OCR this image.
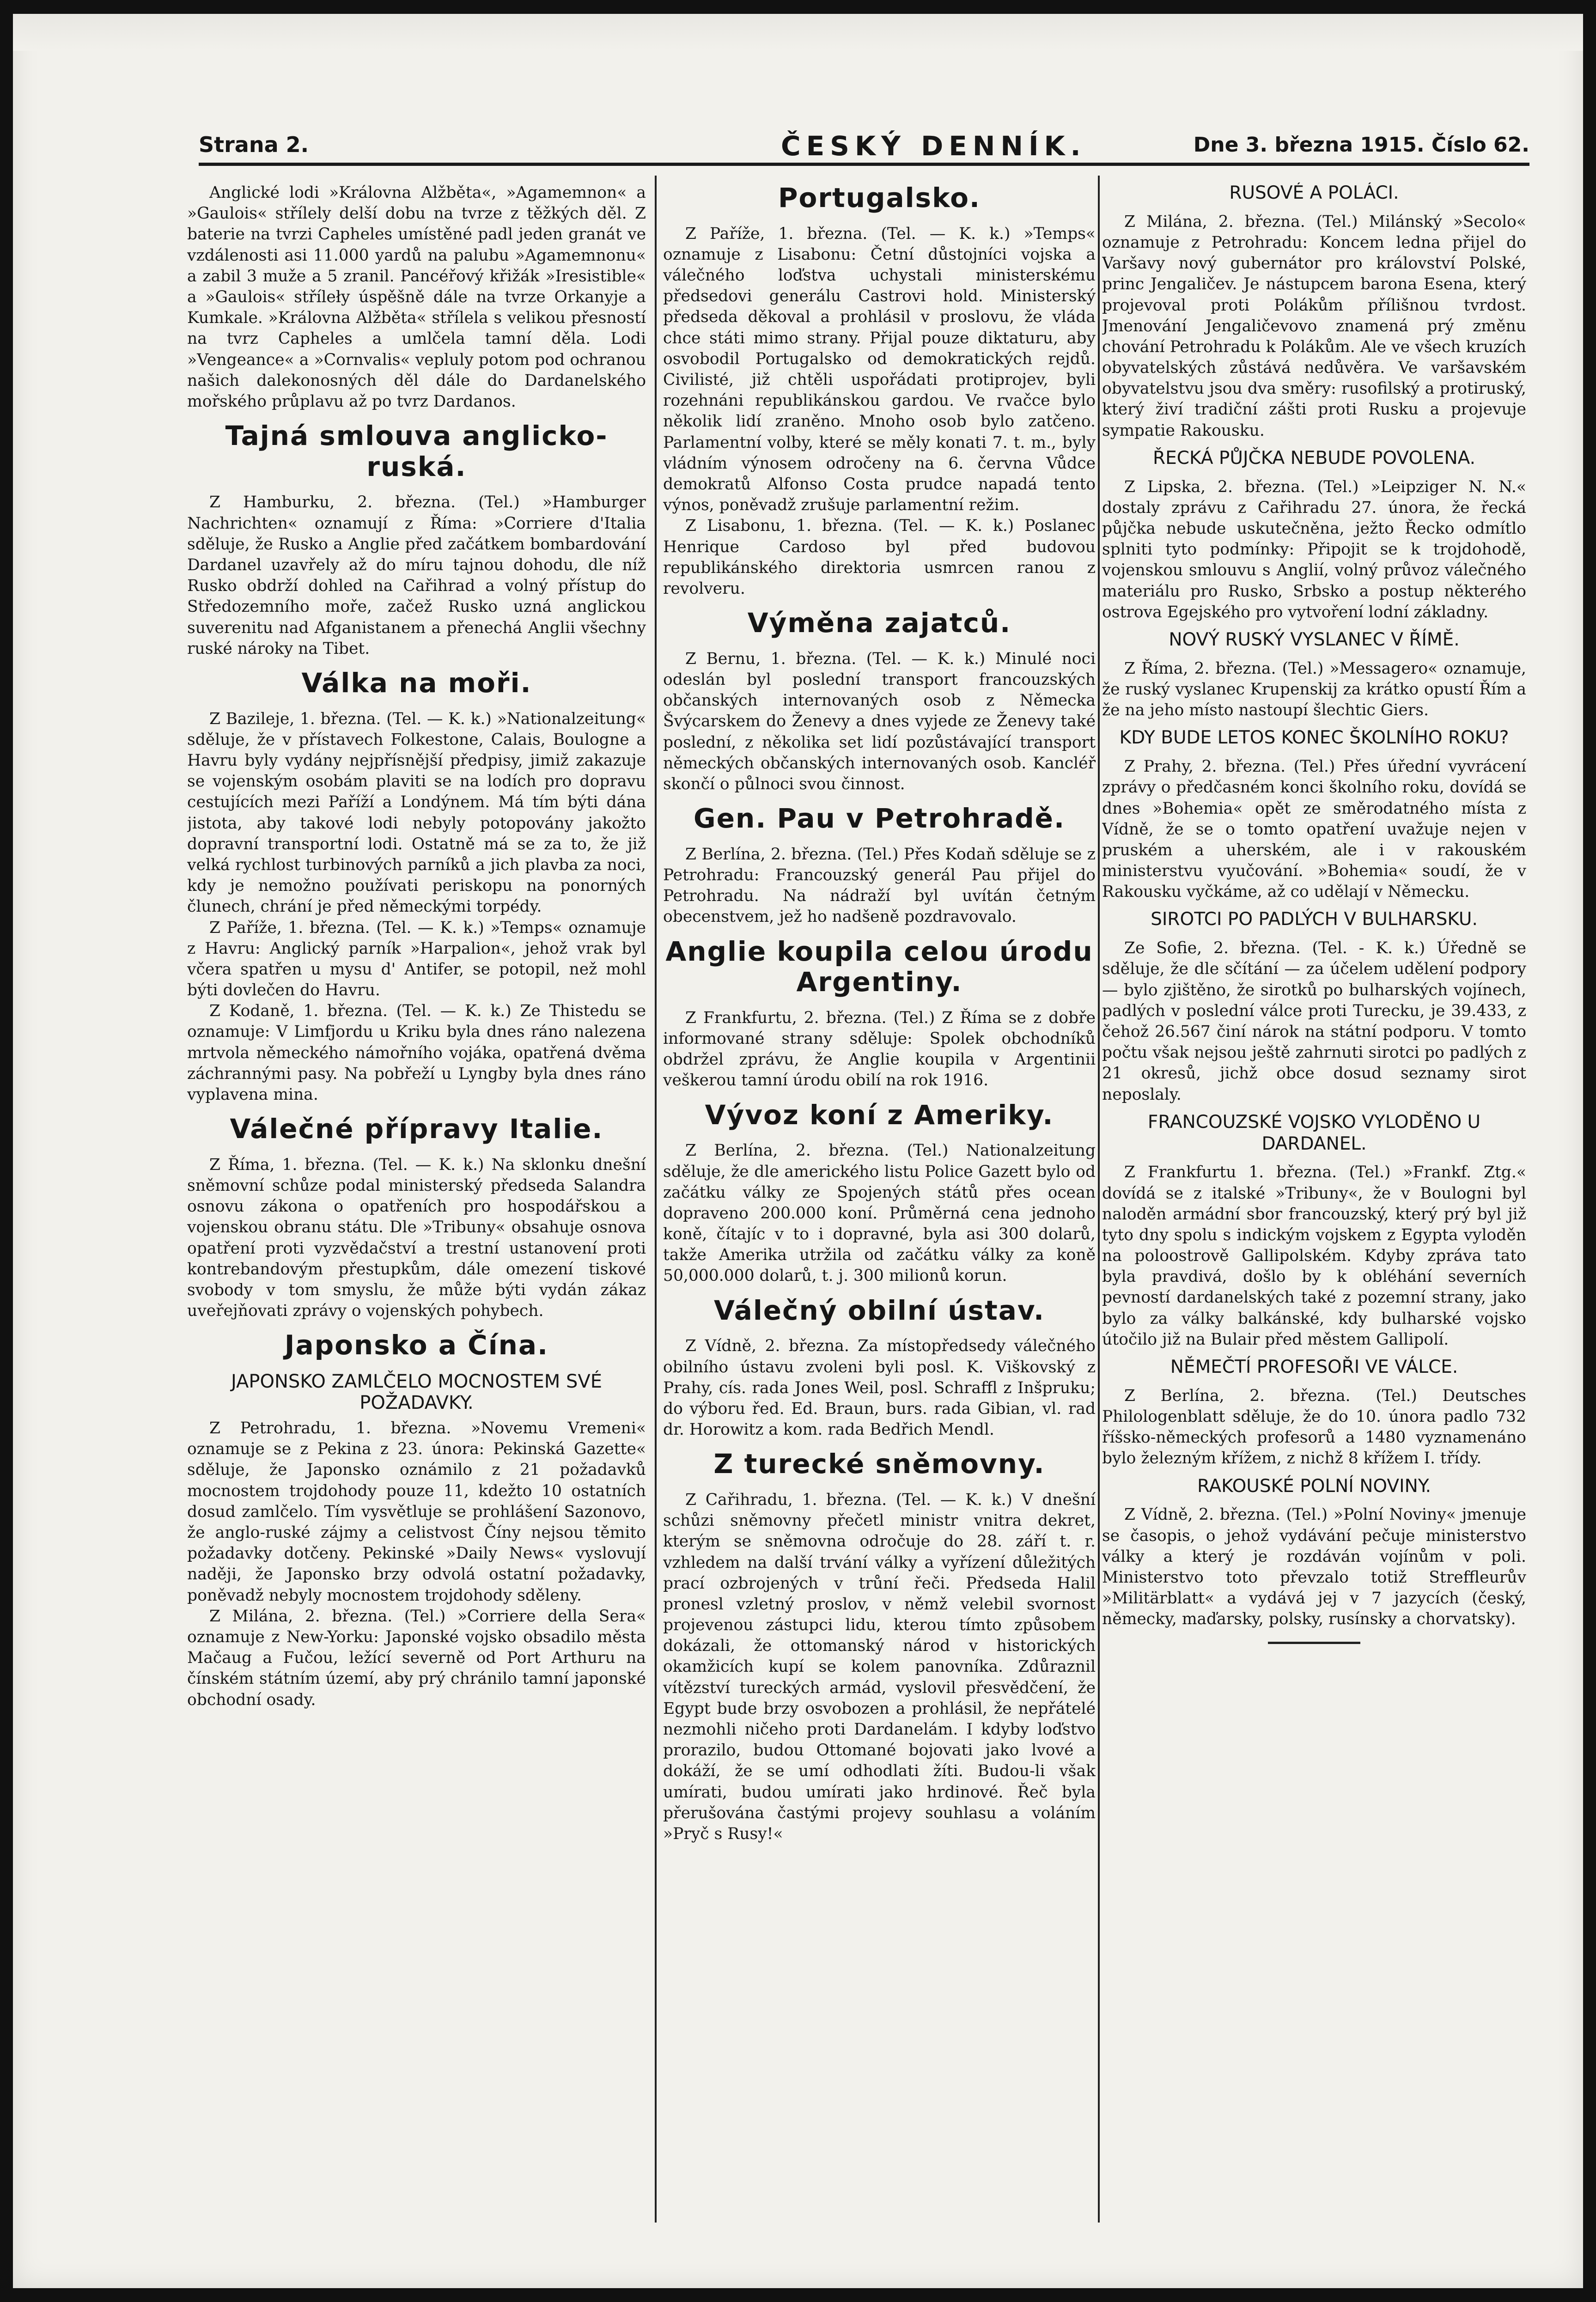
Strana 2.	ČESKÝ DENNÍK.	Dne 3. března 1915. Číslo 62.

Anglické lodi »Královna Alžběta«, »Agamemnon« a »Gaulois« střílely delší dobu na tvrze z těžkých děl. Z baterie na tvrzi Capheles umístěné padl jeden granát ve vzdálenosti asi 11.000 yardů na palubu »Agamemnonu« a zabil 3 muže a 5 zranil. Pancéřový křižák »Iresistible« a »Gaulois« stříleły úspěšně dále na tvrze Orkanyje a Kumkale. »Královna Alžběta« střílela s velikou přesností na tvrz Capheles a umlčela tamní děla. Lodi »Vengeance« a »Cornvalis« vepluly potom pod ochranou našich dalekonosných děl dále do Dardanelského mořského průplavu až po tvrz Dardanos.

Tajná smlouva anglicko-ruská.

Z Hamburku, 2. března. (Tel.) »Hamburger Nachrichten« oznamují z Říma: »Corriere d'Italia sděluje, že Rusko a Anglie před začátkem bombardování Dardanel uzavřely až do míru tajnou dohodu, dle níž Rusko obdrží dohled na Cařihrad a volný přístup do Středozemního moře, začež Rusko uzná anglickou suverenitu nad Afganistanem a přenechá Anglii všechny ruské nároky na Tibet.

Válka na moři.

Z Bazileje, 1. března. (Tel. — K. k.) »Nationalzeitung« sděluje, že v přístavech Folkestone, Calais, Boulogne a Havru byly vydány nejpřísnější předpisy, jimiž zakazuje se vojenským osobám plaviti se na lodích pro dopravu cestujících mezi Paříží a Londýnem. Má tím býti dána jistota, aby takové lodi nebyly potopovány jakožto dopravní transportní lodi. Ostatně má se za to, že již velká rychlost turbinových parníků a jich plavba za noci, kdy je nemožno používati periskopu na ponorných člunech, chrání je před německými torpédy.

Z Paříže, 1. března. (Tel. — K. k.) »Temps« oznamuje z Havru: Anglický parník »Harpalion«, jehož vrak byl včera spatřen u mysu d' Antifer, se potopil, než mohl býti dovlečen do Havru.

Z Kodaně, 1. března. (Tel. — K. k.) Ze Thistedu se oznamuje: V Limfjordu u Kriku byla dnes ráno nalezena mrtvola německého námořního vojáka, opatřená dvěma záchrannými pasy. Na pobřeží u Lyngby byla dnes ráno vyplavena mina.

Válečné přípravy Italie.

Z Říma, 1. března. (Tel. — K. k.) Na sklonku dnešní sněmovní schůze podal ministerský předseda Salandra osnovu zákona o opatřeních pro hospodářskou a vojenskou obranu státu. Dle »Tribuny« obsahuje osnova opatření proti vyzvědačství a trestní ustanovení proti kontrebandovým přestupkům, dále omezení tiskové svobody v tom smyslu, že může býti vydán zákaz uveřejňovati zprávy o vojenských pohybech.

Japonsko a Čína.
JAPONSKO ZAMLČELO MOCNOSTEM SVÉ POŽADAVKY.

Z Petrohradu, 1. března. »Novemu Vremeni« oznamuje se z Pekina z 23. února: Pekinská Gazette« sděluje, že Japonsko oznámilo z 21 požadavků mocnostem trojdohody pouze 11, kdežto 10 ostatních dosud zamlčelo. Tím vysvětluje se prohlášení Sazonovo, že anglo-ruské zájmy a celistvost Číny nejsou těmito požadavky dotčeny. Pekinské »Daily News« vyslovují naději, že Japonsko brzy odvolá ostatní požadavky, poněvadž nebyly mocnostem trojdohody sděleny.

Z Milána, 2. března. (Tel.) »Corriere della Sera« oznamuje z New-Yorku: Japonské vojsko obsadilo města Mačaug a Fučou, ležící severně od Port Arthuru na čínském státním území, aby prý chránilo tamní japonské obchodní osady.

Portugalsko.

Z Paříže, 1. března. (Tel. — K. k.) »Temps« oznamuje z Lisabonu: Četní důstojníci vojska a válečného loďstva uchystali ministerskému předsedovi generálu Castrovi hold. Ministerský předseda děkoval a prohlásil v proslovu, že vláda chce státi mimo strany. Přijal pouze diktaturu, aby osvobodil Portugalsko od demokratických rejdů. Civilisté, již chtěli uspořádati protiprojev, byli rozehnáni republikánskou gardou. Ve rvačce bylo několik lidí zraněno. Mnoho osob bylo zatčeno. Parlamentní volby, které se měly konati 7. t. m., byly vládním výnosem odročeny na 6. června Vůdce demokratů Alfonso Costa prudce napadá tento výnos, poněvadž zrušuje parlamentní režim.

Z Lisabonu, 1. března. (Tel. — K. k.) Poslanec Henrique Cardoso byl před budovou republikánského direktoria usmrcen ranou z revolveru.

Výměna zajatců.

Z Bernu, 1. března. (Tel. — K. k.) Minulé noci odeslán byl poslední transport francouzských občanských internovaných osob z Německa Švýcarskem do Ženevy a dnes vyjede ze Ženevy také poslední, z několika set lidí pozůstávající transport německých občanských internovaných osob. Kancléř skončí o půlnoci svou činnost.

Gen. Pau v Petrohradě.

Z Berlína, 2. března. (Tel.) Přes Kodaň sděluje se z Petrohradu: Francouzský generál Pau přijel do Petrohradu. Na nádraží byl uvítán četným obecenstvem, jež ho nadšeně pozdravovalo.

Anglie koupila celou úrodu Argentiny.

Z Frankfurtu, 2. března. (Tel.) Z Říma se z dobře informované strany sděluje: Spolek obchodníků obdržel zprávu, že Anglie koupila v Argentinii veškerou tamní úrodu obilí na rok 1916.

Vývoz koní z Ameriky.

Z Berlína, 2. března. (Tel.) Nationalzeitung sděluje, že dle amerického listu Police Gazett bylo od začátku války ze Spojených států přes ocean dopraveno 200.000 koní. Průměrná cena jednoho koně, čítajíc v to i dopravné, byla asi 300 dolarů, takže Amerika utržila od začátku války za koně 50,000.000 dolarů, t. j. 300 milionů korun.

Válečný obilní ústav.

Z Vídně, 2. března. Za místopředsedy válečného obilního ústavu zvoleni byli posl. K. Viškovský z Prahy, cís. rada Jones Weil, posl. Schraffl z Inšpruku; do výboru řed. Ed. Braun, burs. rada Gibian, vl. rad dr. Horowitz a kom. rada Bedřich Mendl.

Z turecké sněmovny.

Z Cařihradu, 1. března. (Tel. — K. k.) V dnešní schůzi sněmovny přečetl ministr vnitra dekret, kterým se sněmovna odročuje do 28. září t. r. vzhledem na další trvání války a vyřízení důležitých prací ozbrojených v trůní řeči. Předseda Halil pronesl vzletný proslov, v němž velebil svornost projevenou zástupci lidu, kterou tímto způsobem dokázali, že ottomanský národ v historických okamžicích kupí se kolem panovníka. Zdůraznil vítězství tureckých armád, vyslovil přesvědčení, že Egypt bude brzy osvobozen a prohlásil, že nepřátelé nezmohli ničeho proti Dardanelám. I kdyby loďstvo prorazilo, budou Ottomané bojovati jako lvové a dokáží, že se umí odhodlati žíti. Budou-li však umírati, budou umírati jako hrdinové. Řeč byla přerušována častými projevy souhlasu a voláním »Pryč s Rusy!«

RUSOVÉ A POLÁCI.

Z Milána, 2. března. (Tel.) Milánský »Secolo« oznamuje z Petrohradu: Koncem ledna přijel do Varšavy nový gubernátor pro království Polské, princ Jengaličev. Je nástupcem barona Esena, který projevoval proti Polákům přílišnou tvrdost. Jmenování Jengaličevovo znamená prý změnu chování Petrohradu k Polákům. Ale ve všech kruzích obyvatelských zůstává nedůvěra. Ve varšavském obyvatelstvu jsou dva směry: rusofilský a protiruský, který živí tradiční zášti proti Rusku a projevuje sympatie Rakousku.

ŘECKÁ PŮJČKA NEBUDE POVOLENA.

Z Lipska, 2. března. (Tel.) »Leipziger N. N.« dostaly zprávu z Cařihradu 27. února, že řecká půjčka nebude uskutečněna, ježto Řecko odmítlo splniti tyto podmínky: Připojit se k trojdohodě, vojenskou smlouvu s Anglií, volný průvoz válečného materiálu pro Rusko, Srbsko a postup některého ostrova Egejského pro vytvoření lodní základny.

NOVÝ RUSKÝ VYSLANEC V ŘÍMĚ.

Z Říma, 2. března. (Tel.) »Messagero« oznamuje, že ruský vyslanec Krupenskij za krátko opustí Řím a že na jeho místo nastoupí šlechtic Giers.

KDY BUDE LETOS KONEC ŠKOLNÍHO ROKU?

Z Prahy, 2. března. (Tel.) Přes úřední vyvrácení zprávy o předčasném konci školního roku, dovídá se dnes »Bohemia« opět ze směrodatného místa z Vídně, že se o tomto opatření uvažuje nejen v pruském a uherském, ale i v rakouském ministerstvu vyučování. »Bohemia« soudí, že v Rakousku vyčkáme, až co udělají v Německu.

SIROTCI PO PADLÝCH V BULHARSKU.

Ze Sofie, 2. března. (Tel. - K. k.) Úředně se sděluje, že dle sčítání — za účelem udělení podpory — bylo zjištěno, že sirotků po bulharských vojínech, padlých v poslední válce proti Turecku, je 39.433, z čehož 26.567 činí nárok na státní podporu. V tomto počtu však nejsou ještě zahrnuti sirotci po padlých z 21 okresů, jichž obce dosud seznamy sirot neposlaly.

FRANCOUZSKÉ VOJSKO VYLODĚNO U DARDANEL.

Z Frankfurtu 1. března. (Tel.) »Frankf. Ztg.« dovídá se z italské »Tribuny«, že v Boulogni byl naloděn armádní sbor francouzský, který prý byl již tyto dny spolu s indickým vojskem z Egypta vyloděn na poloostrově Gallipolském. Kdyby zpráva tato byla pravdivá, došlo by k obléhání severních pevností dardanelských také z pozemní strany, jako bylo za války balkánské, kdy bulharské vojsko útočilo již na Bulair před městem Gallipolí.

NĚMEČTÍ PROFESOŘI VE VÁLCE.

Z Berlína, 2. března. (Tel.) Deutsches Philologenblatt sděluje, že do 10. února padlo 732 říšsko-německých profesorů a 1480 vyznamenáno bylo železným křížem, z nichž 8 křížem I. třídy.

RAKOUSKÉ POLNÍ NOVINY.

Z Vídně, 2. března. (Tel.) »Polní Noviny« jmenuje se časopis, o jehož vydávání pečuje ministerstvo války a který je rozdáván vojínům v poli. Ministerstvo toto převzalo totiž Streffleurův »Militärblatt« a vydává jej v 7 jazycích (český, německy, maďarsky, polsky, rusínsky a chorvatsky).
